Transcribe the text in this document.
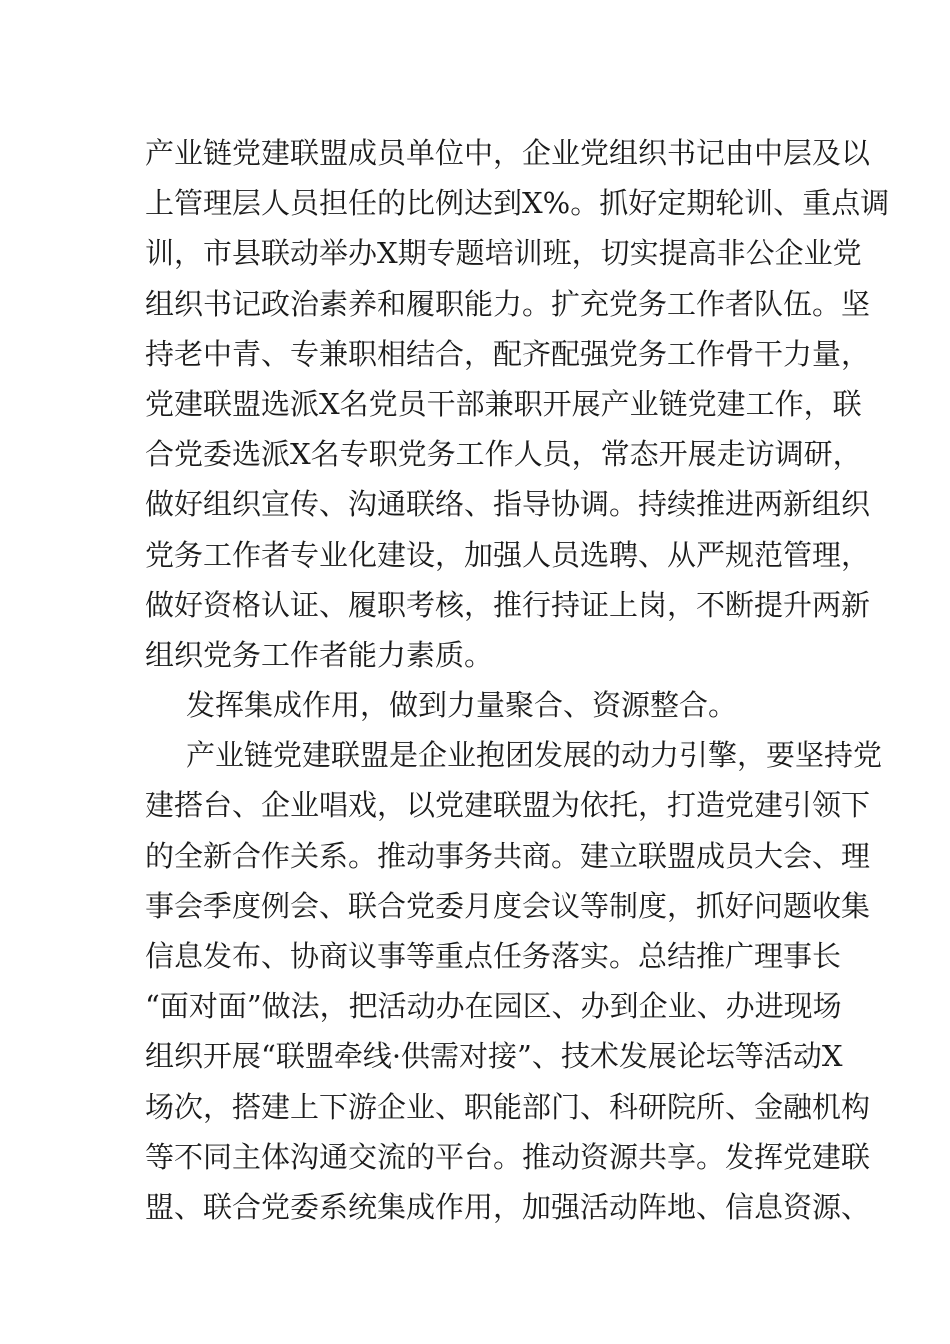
产业链党建联盟成员单位中，企业党组织书记由中层及以
上管理层人员担任的比例达到X%。抓好定期轮训、重点调
训，市县联动举办X期专题培训班，切实提高非公企业党
组织书记政治素养和履职能力。扩充党务工作者队伍。坚
持老中青、专兼职相结合，配齐配强党务工作骨干力量，
党建联盟选派X名党员干部兼职开展产业链党建工作，联
合党委选派X名专职党务工作人员，常态开展走访调研，
做好组织宣传、沟通联络、指导协调。持续推进两新组织
党务工作者专业化建设，加强人员选聘、从严规范管理，
做好资格认证、履职考核，推行持证上岗，不断提升两新
组织党务工作者能力素质。
发挥集成作用，做到力量聚合、资源整合。
产业链党建联盟是企业抱团发展的动力引擎，要坚持党
建搭台、企业唱戏，以党建联盟为依托，打造党建引领下
的全新合作关系。推动事务共商。建立联盟成员大会、理
事会季度例会、联合党委月度会议等制度，抓好问题收集
信息发布、协商议事等重点任务落实。总结推广理事长
“面对面”做法，把活动办在园区、办到企业、办进现场
组织开展“联盟牵线·供需对接”、技术发展论坛等活动X
场次，搭建上下游企业、职能部门、科研院所、金融机构
等不同主体沟通交流的平台。推动资源共享。发挥党建联
盟、联合党委系统集成作用，加强活动阵地、信息资源、
